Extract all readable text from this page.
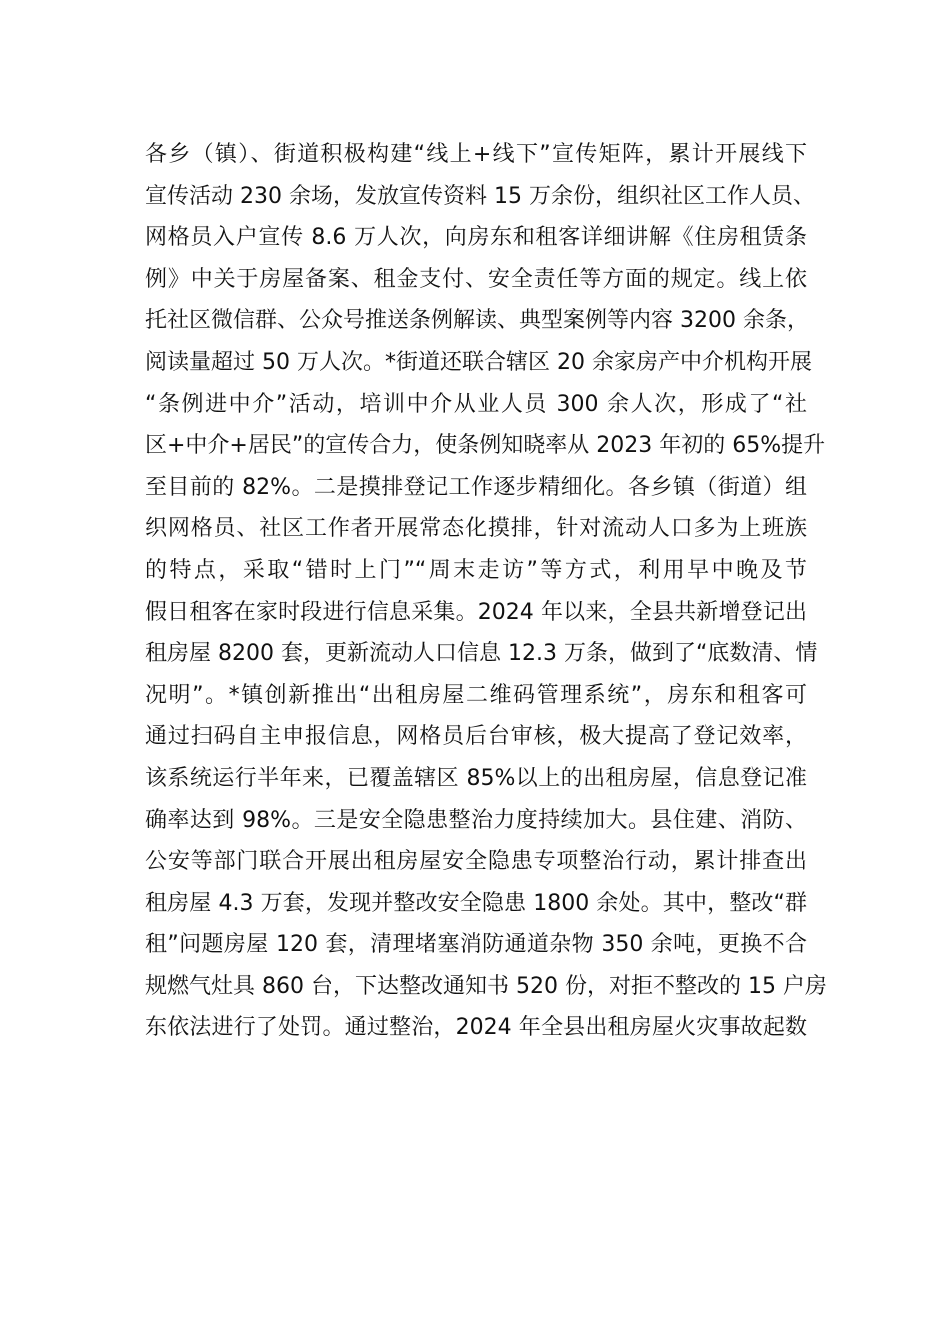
各乡（镇）、街道积极构建“线上+线下”宣传矩阵，累计开展线下
宣传活动 230 余场，发放宣传资料 15 万余份，组织社区工作人员、
网格员入户宣传 8.6 万人次，向房东和租客详细讲解《住房租赁条
例》中关于房屋备案、租金支付、安全责任等方面的规定。线上依
托社区微信群、公众号推送条例解读、典型案例等内容 3200 余条，
阅读量超过 50 万人次。*街道还联合辖区 20 余家房产中介机构开展
“条例进中介”活动，培训中介从业人员 300 余人次，形成了“社
区+中介+居民”的宣传合力，使条例知晓率从 2023 年初的 65%提升
至目前的 82%。二是摸排登记工作逐步精细化。各乡镇（街道）组
织网格员、社区工作者开展常态化摸排，针对流动人口多为上班族
的特点，采取“错时上门”“周末走访”等方式，利用早中晚及节
假日租客在家时段进行信息采集。2024 年以来，全县共新增登记出
租房屋 8200 套，更新流动人口信息 12.3 万条，做到了“底数清、情
况明”。*镇创新推出“出租房屋二维码管理系统”，房东和租客可
通过扫码自主申报信息，网格员后台审核，极大提高了登记效率，
该系统运行半年来，已覆盖辖区 85%以上的出租房屋，信息登记准
确率达到 98%。三是安全隐患整治力度持续加大。县住建、消防、
公安等部门联合开展出租房屋安全隐患专项整治行动，累计排查出
租房屋 4.3 万套，发现并整改安全隐患 1800 余处。其中，整改“群
租”问题房屋 120 套，清理堵塞消防通道杂物 350 余吨，更换不合
规燃气灶具 860 台，下达整改通知书 520 份，对拒不整改的 15 户房
东依法进行了处罚。通过整治，2024 年全县出租房屋火灾事故起数
